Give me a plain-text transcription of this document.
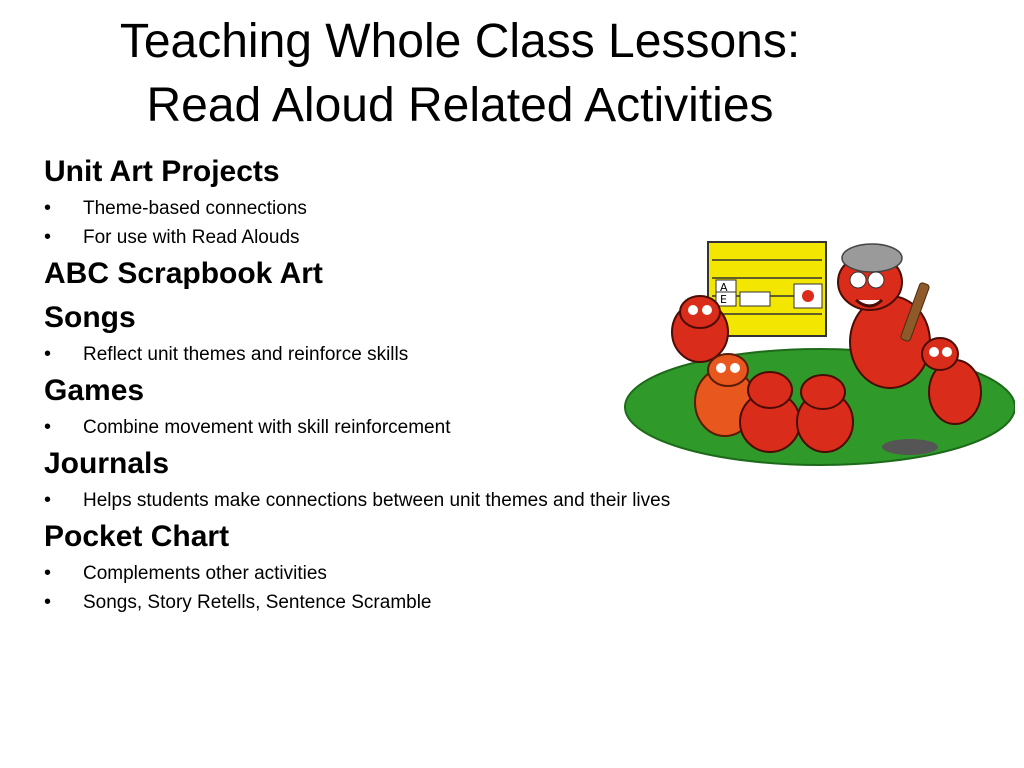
Teaching Whole Class Lessons:
Read Aloud Related Activities
Unit Art Projects
•	Theme-based connections
•	For use with Read Alouds
ABC Scrapbook Art
Songs
•	Reflect unit themes and reinforce skills
Games
•	Combine movement with skill reinforcement
Journals
•	Helps students make connections between unit themes and their lives
Pocket Chart
•	Complements other activities
•	Songs, Story Retells, Sentence Scramble
A
E
